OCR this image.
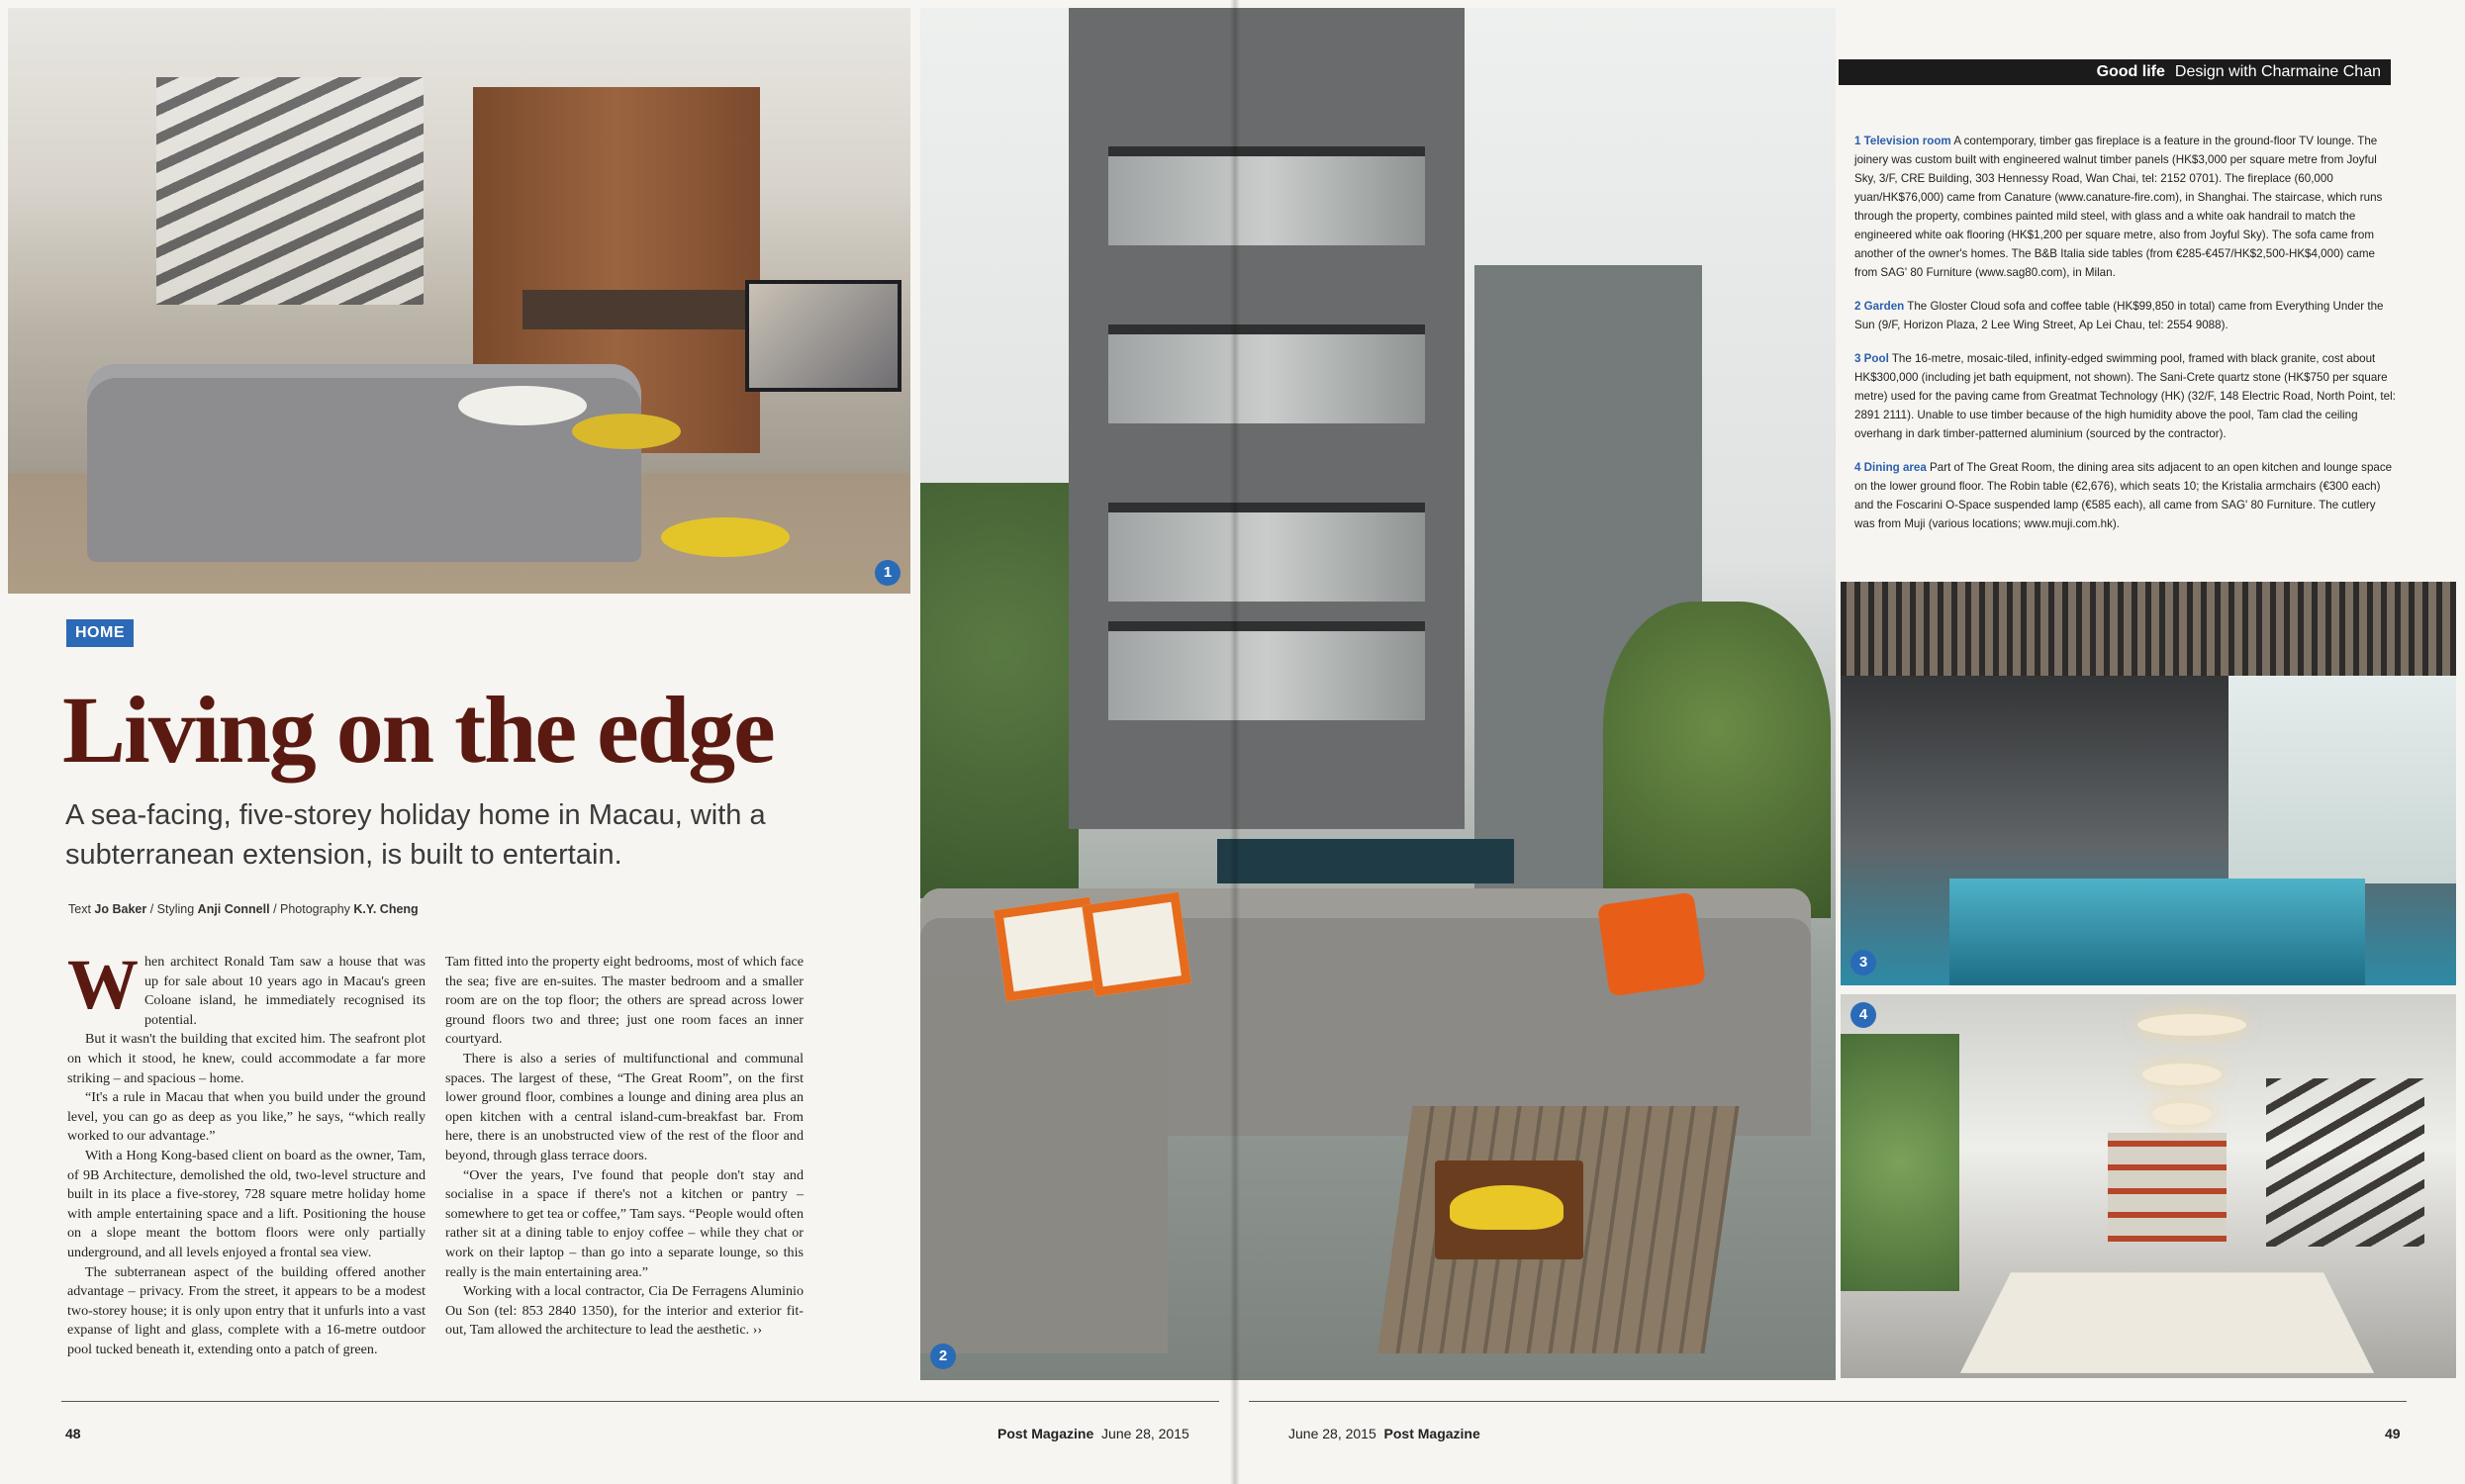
1
2
3
4
HOME
Living on the edge
A sea-facing, five-storey holiday home in Macau, with a subterranean extension, is built to entertain.
Text Jo Baker / Styling Anji Connell / Photography K.Y. Cheng

When architect Ronald Tam saw a house that was up for sale about 10 years ago in Macau's green Coloane island, he immediately recognised its potential.

But it wasn't the building that excited him. The seafront plot on which it stood, he knew, could accommodate a far more striking – and spacious – home.

“It's a rule in Macau that when you build under the ground level, you can go as deep as you like,” he says, “which really worked to our advantage.”

With a Hong Kong-based client on board as the owner, Tam, of 9B Architecture, demolished the old, two-level structure and built in its place a five-storey, 728 square metre holiday home with ample entertaining space and a lift. Positioning the house on a slope meant the bottom floors were only partially underground, and all levels enjoyed a frontal sea view.

The subterranean aspect of the building offered another advantage – privacy. From the street, it appears to be a modest two-storey house; it is only upon entry that it unfurls into a vast expanse of light and glass, complete with a 16-metre outdoor pool tucked beneath it, extending onto a patch of green.

Tam fitted into the property eight bedrooms, most of which face the sea; five are en-suites. The master bedroom and a smaller room are on the top floor; the others are spread across lower ground floors two and three; just one room faces an inner courtyard.

There is also a series of multifunctional and communal spaces. The largest of these, “The Great Room”, on the first lower ground floor, combines a lounge and dining area plus an open kitchen with a central island-cum-breakfast bar. From here, there is an unobstructed view of the rest of the floor and beyond, through glass terrace doors.

“Over the years, I've found that people don't stay and socialise in a space if there's not a kitchen or pantry – somewhere to get tea or coffee,” Tam says. “People would often rather sit at a dining table to enjoy coffee – while they chat or work on their laptop – than go into a separate lounge, so this really is the main entertaining area.”

Working with a local contractor, Cia De Ferragens Aluminio Ou Son (tel: 853 2840 1350), for the interior and exterior fit-out, Tam allowed the architecture to lead the aesthetic. ››

Good life Design with Charmaine Chan

1 Television room A contemporary, timber gas fireplace is a feature in the ground-floor TV lounge. The joinery was custom built with engineered walnut timber panels (HK$3,000 per square metre from Joyful Sky, 3/F, CRE Building, 303 Hennessy Road, Wan Chai, tel: 2152 0701). The fireplace (60,000 yuan/HK$76,000) came from Canature (www.canature-fire.com), in Shanghai. The staircase, which runs through the property, combines painted mild steel, with glass and a white oak handrail to match the engineered white oak flooring (HK$1,200 per square metre, also from Joyful Sky). The sofa came from another of the owner's homes. The B&B Italia side tables (from €285-€457/HK$2,500-HK$4,000) came from SAG' 80 Furniture (www.sag80.com), in Milan.

2 Garden The Gloster Cloud sofa and coffee table (HK$99,850 in total) came from Everything Under the Sun (9/F, Horizon Plaza, 2 Lee Wing Street, Ap Lei Chau, tel: 2554 9088).

3 Pool The 16-metre, mosaic-tiled, infinity-edged swimming pool, framed with black granite, cost about HK$300,000 (including jet bath equipment, not shown). The Sani-Crete quartz stone (HK$750 per square metre) used for the paving came from Greatmat Technology (HK) (32/F, 148 Electric Road, North Point, tel: 2891 2111). Unable to use timber because of the high humidity above the pool, Tam clad the ceiling overhang in dark timber-patterned aluminium (sourced by the contractor).

4 Dining area Part of The Great Room, the dining area sits adjacent to an open kitchen and lounge space on the lower ground floor. The Robin table (€2,676), which seats 10; the Kristalia armchairs (€300 each) and the Foscarini O-Space suspended lamp (€585 each), all came from SAG' 80 Furniture. The cutlery was from Muji (various locations; www.muji.com.hk).

48	Post Magazine June 28, 2015	June 28, 2015 Post Magazine	49
